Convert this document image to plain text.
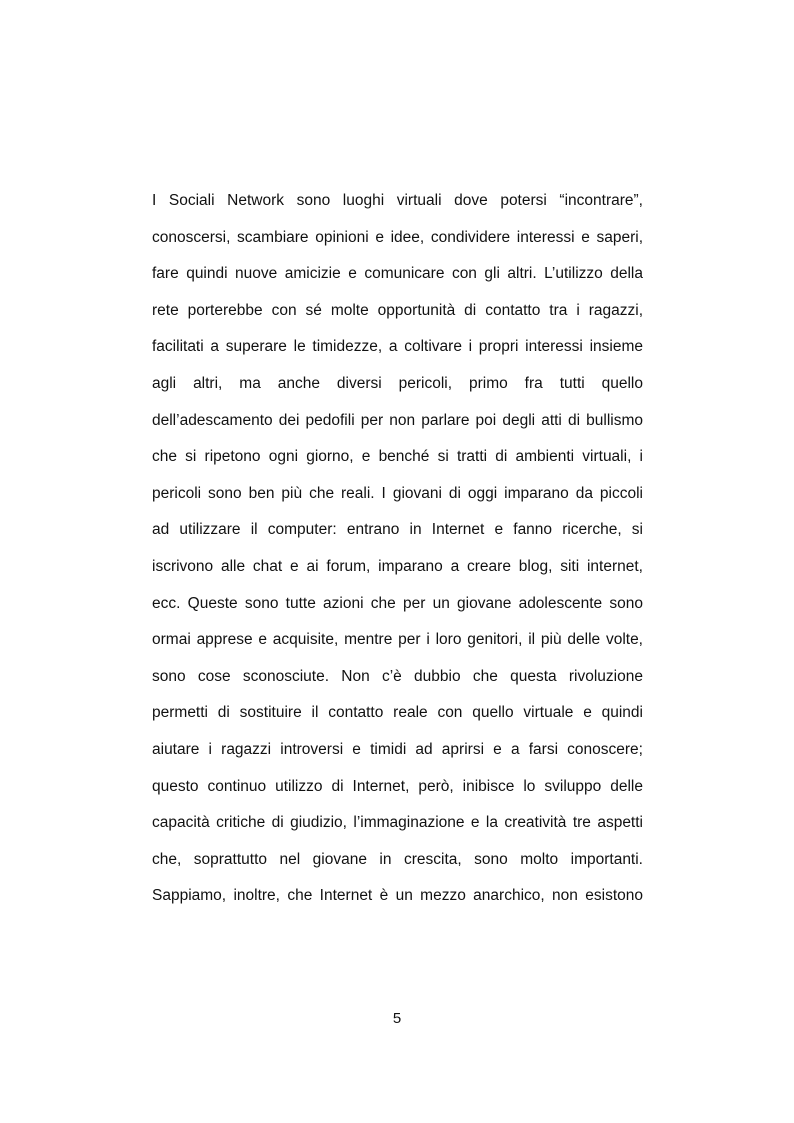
I Sociali Network sono luoghi virtuali dove potersi “incontrare”,
conoscersi, scambiare opinioni e idee, condividere interessi e saperi,
fare quindi nuove amicizie e comunicare con gli altri. L’utilizzo della
rete porterebbe con sé molte opportunità di contatto tra i ragazzi,
facilitati a superare le timidezze, a coltivare i propri interessi insieme
agli altri, ma anche diversi pericoli, primo fra tutti quello
dell’adescamento dei pedofili per non parlare poi degli atti di bullismo
che si ripetono ogni giorno, e benché si tratti di ambienti virtuali, i
pericoli sono ben più che reali. I giovani di oggi imparano da piccoli
ad utilizzare il computer: entrano in Internet e fanno ricerche, si
iscrivono alle chat e ai forum, imparano a creare blog, siti internet,
ecc. Queste sono tutte azioni che per un giovane adolescente sono
ormai apprese e acquisite, mentre per i loro genitori, il più delle volte,
sono cose sconosciute. Non c’è dubbio che questa rivoluzione
permetti di sostituire il contatto reale con quello virtuale e quindi
aiutare i ragazzi introversi e timidi ad aprirsi e a farsi conoscere;
questo continuo utilizzo di Internet, però, inibisce lo sviluppo delle
capacità critiche di giudizio, l’immaginazione e la creatività tre aspetti
che, soprattutto nel giovane in crescita, sono molto importanti.
Sappiamo, inoltre, che Internet è un mezzo anarchico, non esistono
5
